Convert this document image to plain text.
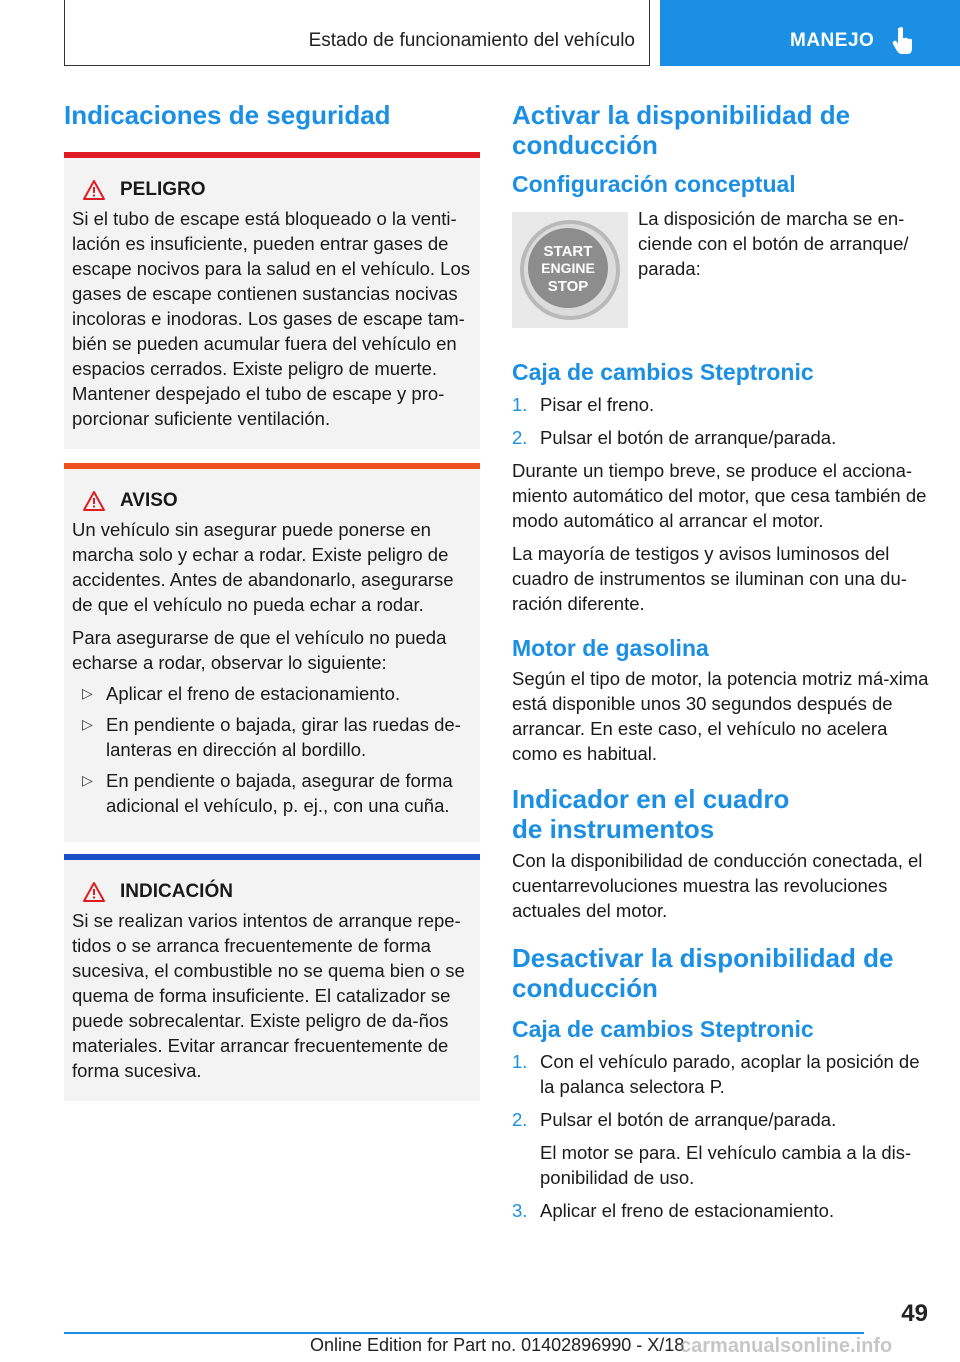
Estado de funcionamiento del vehículo	MANEJO
Indicaciones de seguridad
PELIGRO

Si el tubo de escape está bloqueado o la venti-lación es insuficiente, pueden entrar gases de escape nocivos para la salud en el vehículo. Los gases de escape contienen sustancias nocivas incoloras e inodoras. Los gases de escape tam-bién se pueden acumular fuera del vehículo en espacios cerrados. Existe peligro de muerte. Mantener despejado el tubo de escape y pro-porcionar suficiente ventilación.

AVISO

Un vehículo sin asegurar puede ponerse en marcha solo y echar a rodar. Existe peligro de accidentes. Antes de abandonarlo, asegurarse de que el vehículo no pueda echar a rodar.

Para asegurarse de que el vehículo no pueda echarse a rodar, observar lo siguiente:

▷ Aplicar el freno de estacionamiento.
▷ En pendiente o bajada, girar las ruedas de-lanteras en dirección al bordillo.
▷ En pendiente o bajada, asegurar de forma adicional el vehículo, p. ej., con una cuña.
INDICACIÓN

Si se realizan varios intentos de arranque repe-tidos o se arranca frecuentemente de forma sucesiva, el combustible no se quema bien o se quema de forma insuficiente. El catalizador se puede sobrecalentar. Existe peligro de da-ños materiales. Evitar arrancar frecuentemente de forma sucesiva.

Activar la disponibilidad de conducción
Configuración conceptual
START
ENGINE
STOP

La disposición de marcha se en-ciende con el botón de arranque/ parada:

Caja de cambios Steptronic
1. Pisar el freno.
2. Pulsar el botón de arranque/parada.

Durante un tiempo breve, se produce el acciona-miento automático del motor, que cesa también de modo automático al arrancar el motor.

La mayoría de testigos y avisos luminosos del cuadro de instrumentos se iluminan con una du-ración diferente.

Motor de gasolina

Según el tipo de motor, la potencia motriz má-xima está disponible unos 30 segundos después de arrancar. En este caso, el vehículo no acelera como es habitual.

Indicador en el cuadro
de instrumentos

Con la disponibilidad de conducción conectada, el cuentarrevoluciones muestra las revoluciones actuales del motor.

Desactivar la disponibilidad de conducción
Caja de cambios Steptronic
1. Con el vehículo parado, acoplar la posición de la palanca selectora P.
2. Pulsar el botón de arranque/parada.
El motor se para. El vehículo cambia a la dis-ponibilidad de uso.
3. Aplicar el freno de estacionamiento.
49
Online Edition for Part no. 01402896990 - X/18
carmanualsonline.info
